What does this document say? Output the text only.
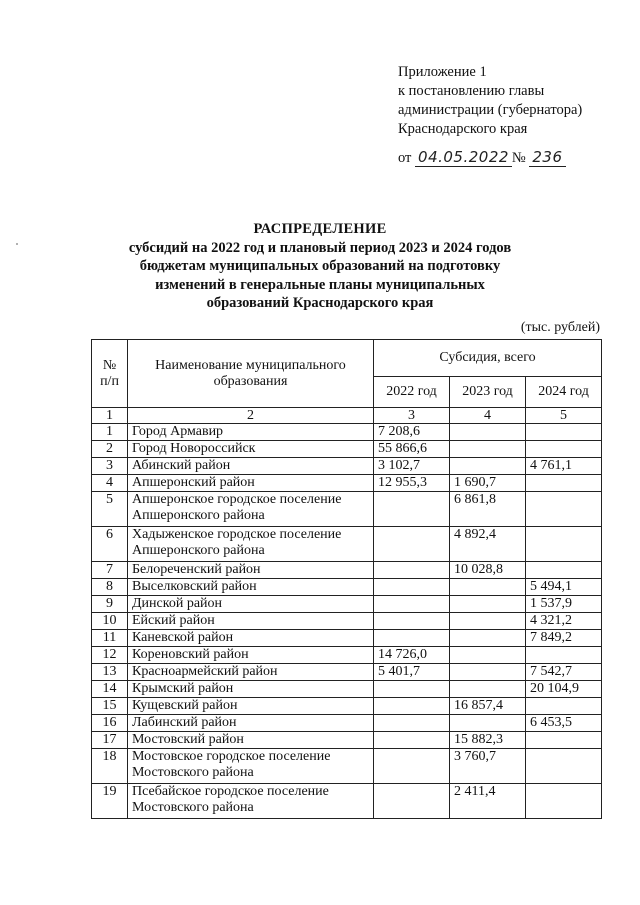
Приложение 1
к постановлению главы
администрации (губернатора)
Краснодарского края
от 04.05.2022 № 236
РАСПРЕДЕЛЕНИЕ
субсидий на 2022 год и плановый период 2023 и 2024 годов
бюджетам муниципальных образований на подготовку
изменений в генеральные планы муниципальных
образований Краснодарского края
(тыс. рублей)
№ п/п	Наименование муниципального образования	Субсидия, всего		
		2022 год	2023 год	2024 год
1	2	3	4	5
1	Город Армавир	7 208,6		
2	Город Новороссийск	55 866,6		
3	Абинский район	3 102,7		4 761,1
4	Апшеронский район	12 955,3	1 690,7	
5	Апшеронское городское поселение Апшеронского района		6 861,8	
6	Хадыженское городское поселение Апшеронского района		4 892,4	
7	Белореченский район		10 028,8	
8	Выселковский район			5 494,1
9	Динской район			1 537,9
10	Ейский район			4 321,2
11	Каневской район			7 849,2
12	Кореновский район	14 726,0		
13	Красноармейский район	5 401,7		7 542,7
14	Крымский район			20 104,9
15	Кущевский район		16 857,4	
16	Лабинский район			6 453,5
17	Мостовский район		15 882,3	
18	Мостовское городское поселение Мостовского района		3 760,7	
19	Псебайское городское поселение Мостовского района		2 411,4	
